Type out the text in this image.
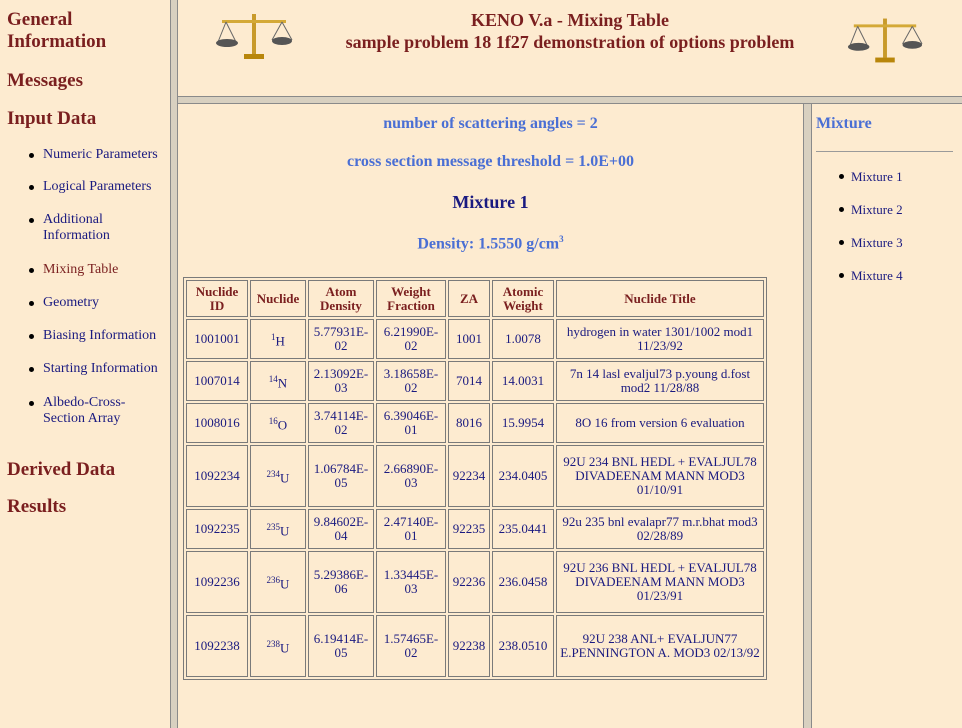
General Information
Messages
Input Data
Numeric Parameters
Logical Parameters
Additional Information
Mixing Table
Geometry
Biasing Information
Starting Information
Albedo-Cross-Section Array
Derived Data
Results
KENO V.a - Mixing Table
sample problem 18 1f27 demonstration of options problem
number of scattering angles = 2
cross section message threshold = 1.0E+00
Mixture 1
Density: 1.5550 $g/cm^3$
Nuclide ID	Nuclide	Atom Density	Weight Fraction	ZA	Atomic Weight	Nuclide Title
1001001	$^1$H	5.77931E-02	6.21990E-02	1001	1.0078	hydrogen in water 1301/1002 mod1 11/23/92
1007014	$^{14}$N	2.13092E-03	3.18658E-02	7014	14.0031	7n 14 lasl evaljul73 p.young d.fost mod2 11/28/88
1008016	$^{16}$O	3.74114E-02	6.39046E-01	8016	15.9954	8O 16 from version 6 evaluation
1092234	$^{234}$U	1.06784E-05	2.66890E-03	92234	234.0405	92U 234 BNL HEDL + EVALJUL78 DIVADEENAM MANN MOD3 01/10/91
1092235	$^{235}$U	9.84602E-04	2.47140E-01	92235	235.0441	92u 235 bnl evalapr77 m.r.bhat mod3 02/28/89
1092236	$^{236}$U	5.29386E-06	1.33445E-03	92236	236.0458	92U 236 BNL HEDL + EVALJUL78 DIVADEENAM MANN MOD3 01/23/91
1092238	$^{238}$U	6.19414E-05	1.57465E-02	92238	238.0510	92U 238 ANL+ EVALJUN77 E.PENNINGTON A. MOD3 02/13/92
Mixture
Mixture 1
Mixture 2
Mixture 3
Mixture 4
